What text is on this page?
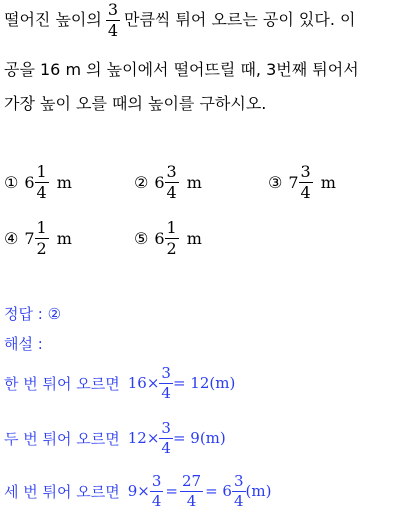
떨어진 높이의 $\frac{3}{4}$ 만큼씩 튀어 오르는 공이 있다. 이
공을 16 m 의 높이에서 떨어뜨릴 때, 3번째 튀어서
가장 높이 오를 때의 높이를 구하시오.
① $6 \frac{1}{4}$ m	② $6 \frac{3}{4}$ m	③ $7 \frac{3}{4}$ m
④ $7 \frac{1}{2}$ m	⑤ $6 \frac{1}{2}$ m
정답 : ②
해설 :
한 번 튀어 오르면 $16\times \frac{3}{4} = 12(m)$
두 번 튀어 오르면 $12\times \frac{3}{4} = 9(m)$
세 번 튀어 오르면 $9\times \frac{3}{4} = \frac{27}{4} = 6 \frac{3}{4} (m)$
